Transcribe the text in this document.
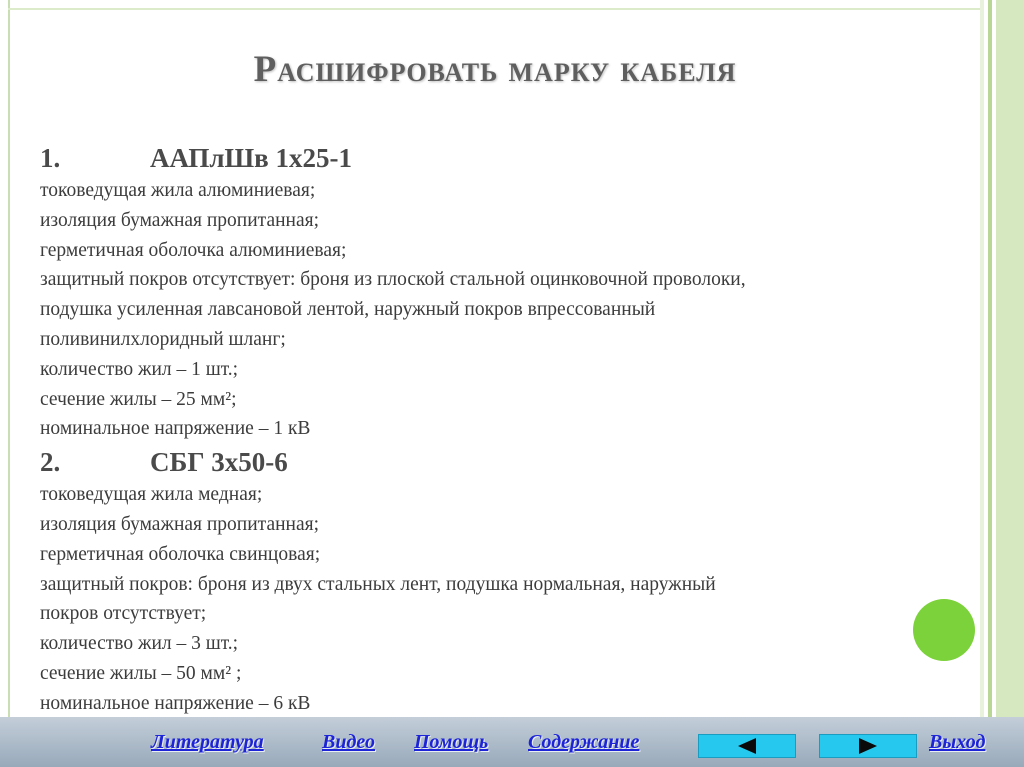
Расшифровать марку кабеля
1.	ААПлШв 1х25-1
токоведущая жила алюминиевая;
изоляция бумажная пропитанная;
герметичная оболочка алюминиевая;
защитный покров отсутствует: броня из плоской стальной оцинковочной проволоки,
подушка усиленная лавсановой лентой, наружный покров впрессованный
поливинилхлоридный шланг;
количество жил – 1 шт.;
сечение жилы – 25 мм²;
номинальное напряжение – 1 кВ
2.	СБГ 3х50-6
токоведущая жила медная;
изоляция бумажная пропитанная;
герметичная оболочка свинцовая;
защитный покров: броня из двух стальных лент, подушка нормальная, наружный
покров отсутствует;
количество жил – 3 шт.;
сечение жилы – 50 мм² ;
номинальное напряжение – 6 кВ
Литература	Видео Помощь Содержание	Выход
